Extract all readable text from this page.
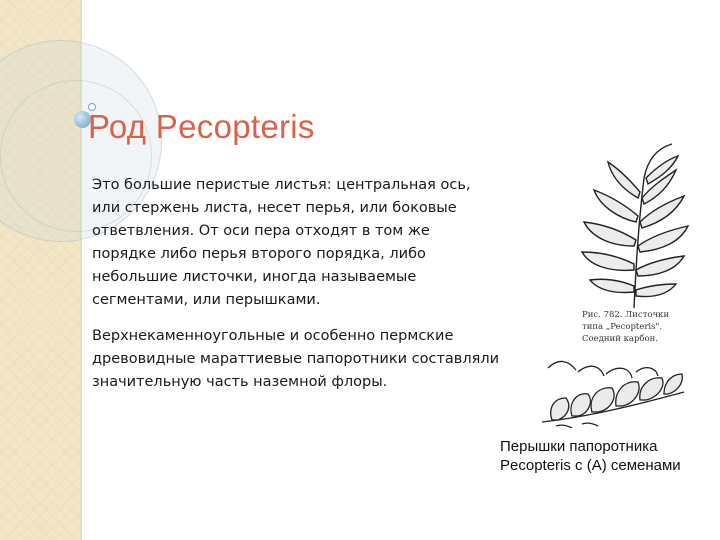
Род Pecopteris

Это большие перистые листья: центральная ось, или стержень листа, несет перья, или боковые ответвления. От оси пера отходят в том же порядке либо перья второго порядка, либо небольшие листочки, иногда называемые сегментами, или перышками.

Верхнекаменноугольные и особенно пермские древовидные мараттиевые папоротники составляли значительную часть наземной флоры.

Рис. 782. Листочки
типа „Pecopteris".
Соедний карбон.

Перышки папоротника
Pecopteris с (А) семенами
